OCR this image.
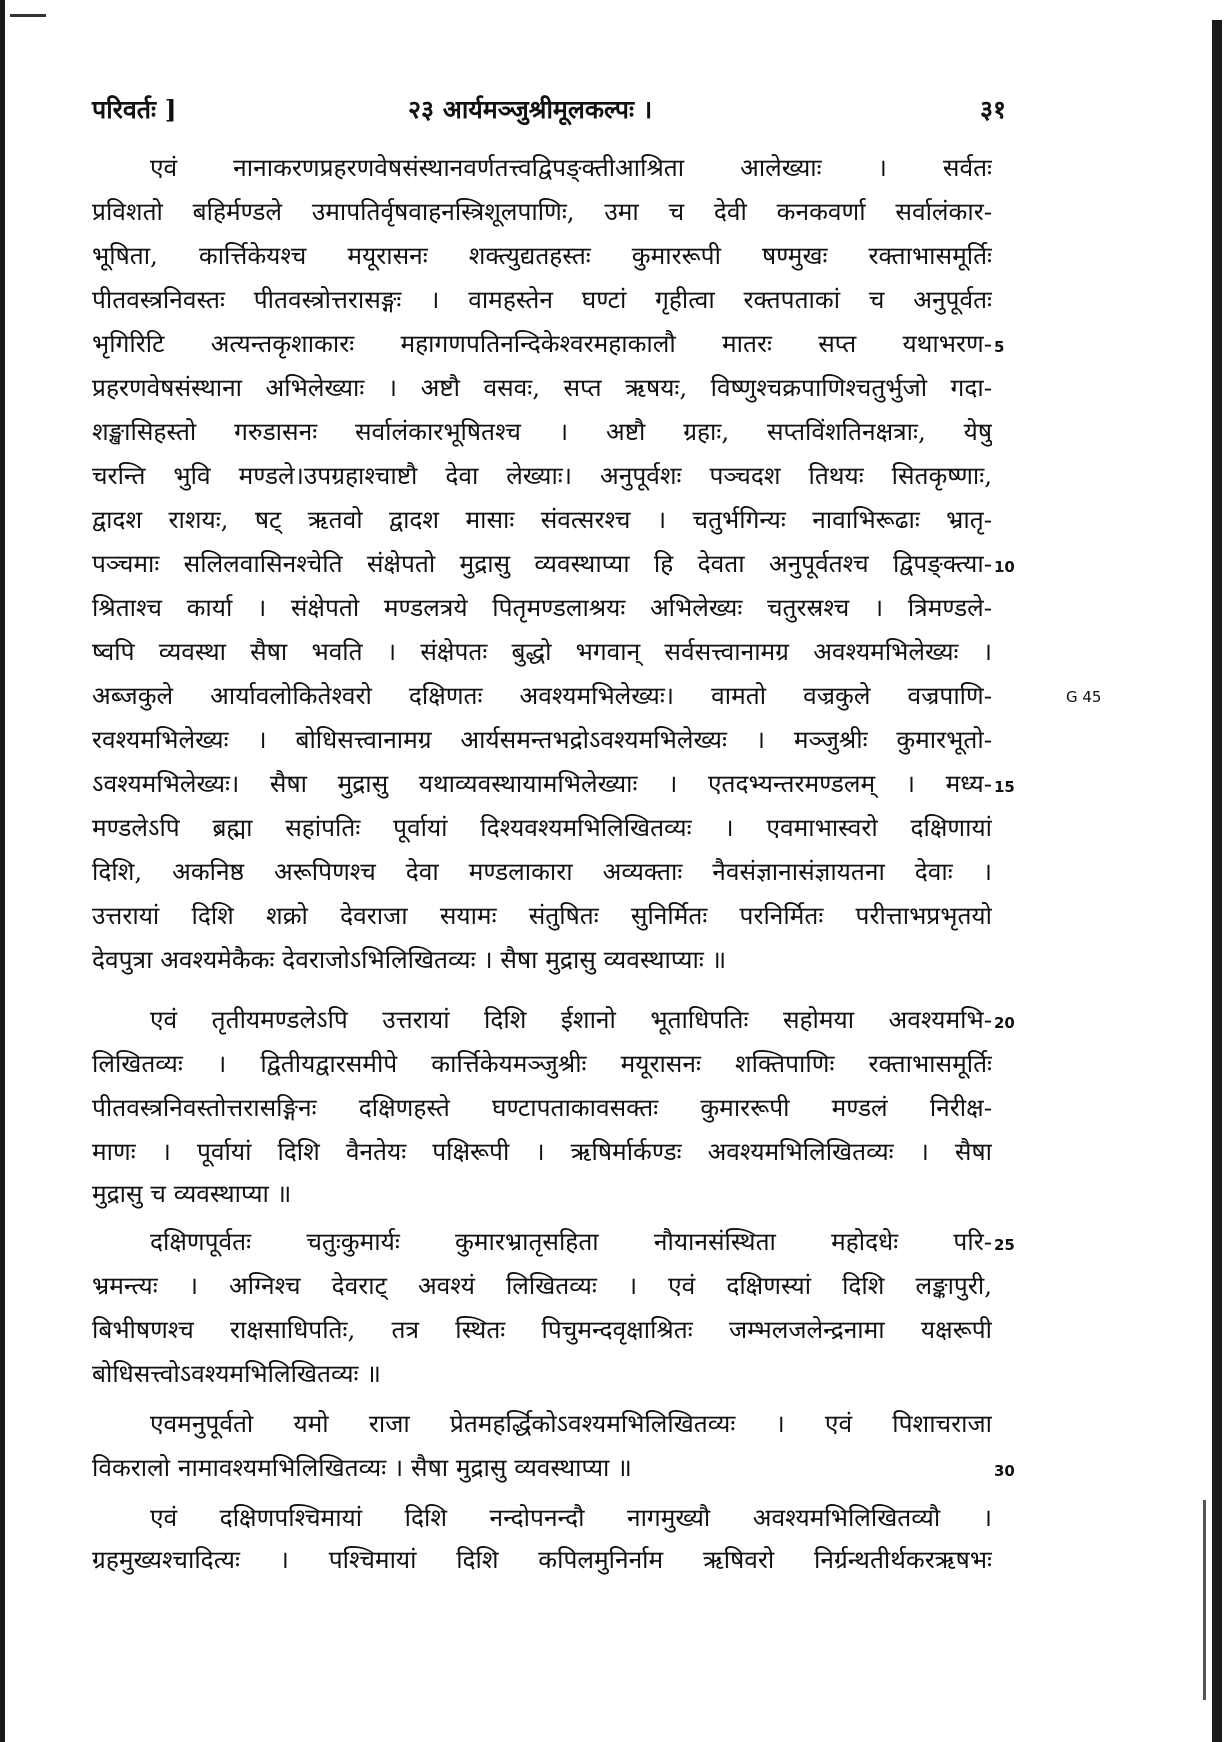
परिवर्तः ]	२३ आर्यमञ्जुश्रीमूलकल्पः ।	३१
एवं नानाकरणप्रहरणवेषसंस्थानवर्णतत्त्वद्विपङ्क्तीआश्रिता आलेख्याः । सर्वतः
प्रविशतो बहिर्मण्डले उमापतिर्वृषवाहनस्त्रिशूलपाणिः, उमा च देवी कनकवर्णा सर्वालंकार-
भूषिता, कार्त्तिकेयश्च मयूरासनः शक्त्युद्यतहस्तः कुमाररूपी षण्मुखः रक्ताभासमूर्तिः
पीतवस्त्रनिवस्तः पीतवस्त्रोत्तरासङ्गः । वामहस्तेन घण्टां गृहीत्वा रक्तपताकां च अनुपूर्वतः
भृगिरिटि अत्यन्तकृशाकारः महागणपतिनन्दिकेश्वरमहाकालौ मातरः सप्त यथाभरण- 5
प्रहरणवेषसंस्थाना अभिलेख्याः । अष्टौ वसवः, सप्त ऋषयः, विष्णुश्चक्रपाणिश्चतुर्भुजो गदा-
शङ्खासिहस्तो गरुडासनः सर्वालंकारभूषितश्च । अष्टौ ग्रहाः, सप्तविंशतिनक्षत्राः, येषु
चरन्ति भुवि मण्डले।उपग्रहाश्चाष्टौ देवा लेख्याः। अनुपूर्वशः पञ्चदश तिथयः सितकृष्णाः,
द्वादश राशयः, षट् ऋतवो द्वादश मासाः संवत्सरश्च । चतुर्भगिन्यः नावाभिरूढाः भ्रातृ-
पञ्चमाः सलिलवासिनश्चेति संक्षेपतो मुद्रासु व्यवस्थाप्या हि देवता अनुपूर्वतश्च द्विपङ्क्त्या- 10
श्रिताश्च कार्या । संक्षेपतो मण्डलत्रये पितृमण्डलाश्रयः अभिलेख्यः चतुरस्रश्च । त्रिमण्डले-
ष्वपि व्यवस्था सैषा भवति । संक्षेपतः बुद्धो भगवान् सर्वसत्त्वानामग्र अवश्यमभिलेख्यः ।
अब्जकुले आर्यावलोकितेश्वरो दक्षिणतः अवश्यमभिलेख्यः। वामतो वज्रकुले वज्रपाणि-
रवश्यमभिलेख्यः । बोधिसत्त्वानामग्र आर्यसमन्तभद्रोऽवश्यमभिलेख्यः । मञ्जुश्रीः कुमारभूतो-
ऽवश्यमभिलेख्यः। सैषा मुद्रासु यथाव्यवस्थायामभिलेख्याः । एतदभ्यन्तरमण्डलम् । मध्य- 15
मण्डलेऽपि ब्रह्मा सहांपतिः पूर्वायां दिश्यवश्यमभिलिखितव्यः । एवमाभास्वरो दक्षिणायां
दिशि, अकनिष्ठ अरूपिणश्च देवा मण्डलाकारा अव्यक्ताः नैवसंज्ञानासंज्ञायतना देवाः ।
उत्तरायां दिशि शक्रो देवराजा सयामः संतुषितः सुनिर्मितः परनिर्मितः परीत्ताभप्रभृतयो
देवपुत्रा अवश्यमेकैकः देवराजोऽभिलिखितव्यः । सैषा मुद्रासु व्यवस्थाप्याः ॥
एवं तृतीयमण्डलेऽपि उत्तरायां दिशि ईशानो भूताधिपतिः सहोमया अवश्यमभि- 20
लिखितव्यः । द्वितीयद्वारसमीपे कार्त्तिकेयमञ्जुश्रीः मयूरासनः शक्तिपाणिः रक्ताभासमूर्तिः
पीतवस्त्रनिवस्तोत्तरासङ्गिनः दक्षिणहस्ते घण्टापताकावसक्तः कुमाररूपी मण्डलं निरीक्ष-
माणः । पूर्वायां दिशि वैनतेयः पक्षिरूपी । ऋषिर्मार्कण्डः अवश्यमभिलिखितव्यः । सैषा
मुद्रासु च व्यवस्थाप्या ॥
दक्षिणपूर्वतः चतुःकुमार्यः कुमारभ्रातृसहिता नौयानसंस्थिता महोदधेः परि- 25
भ्रमन्त्यः । अग्निश्च देवराट् अवश्यं लिखितव्यः । एवं दक्षिणस्यां दिशि लङ्कापुरी,
बिभीषणश्च राक्षसाधिपतिः, तत्र स्थितः पिचुमन्दवृक्षाश्रितः जम्भलजलेन्द्रनामा यक्षरूपी
बोधिसत्त्वोऽवश्यमभिलिखितव्यः ॥
एवमनुपूर्वतो यमो राजा प्रेतमहर्द्धिकोऽवश्यमभिलिखितव्यः । एवं पिशाचराजा
विकरालो नामावश्यमभिलिखितव्यः । सैषा मुद्रासु व्यवस्थाप्या ॥	30
एवं दक्षिणपश्चिमायां दिशि नन्दोपनन्दौ नागमुख्यौ अवश्यमभिलिखितव्यौ ।
ग्रहमुख्यश्चादित्यः । पश्चिमायां दिशि कपिलमुनिर्नाम ऋषिवरो निर्ग्रन्थतीर्थकरऋषभः
G 45
